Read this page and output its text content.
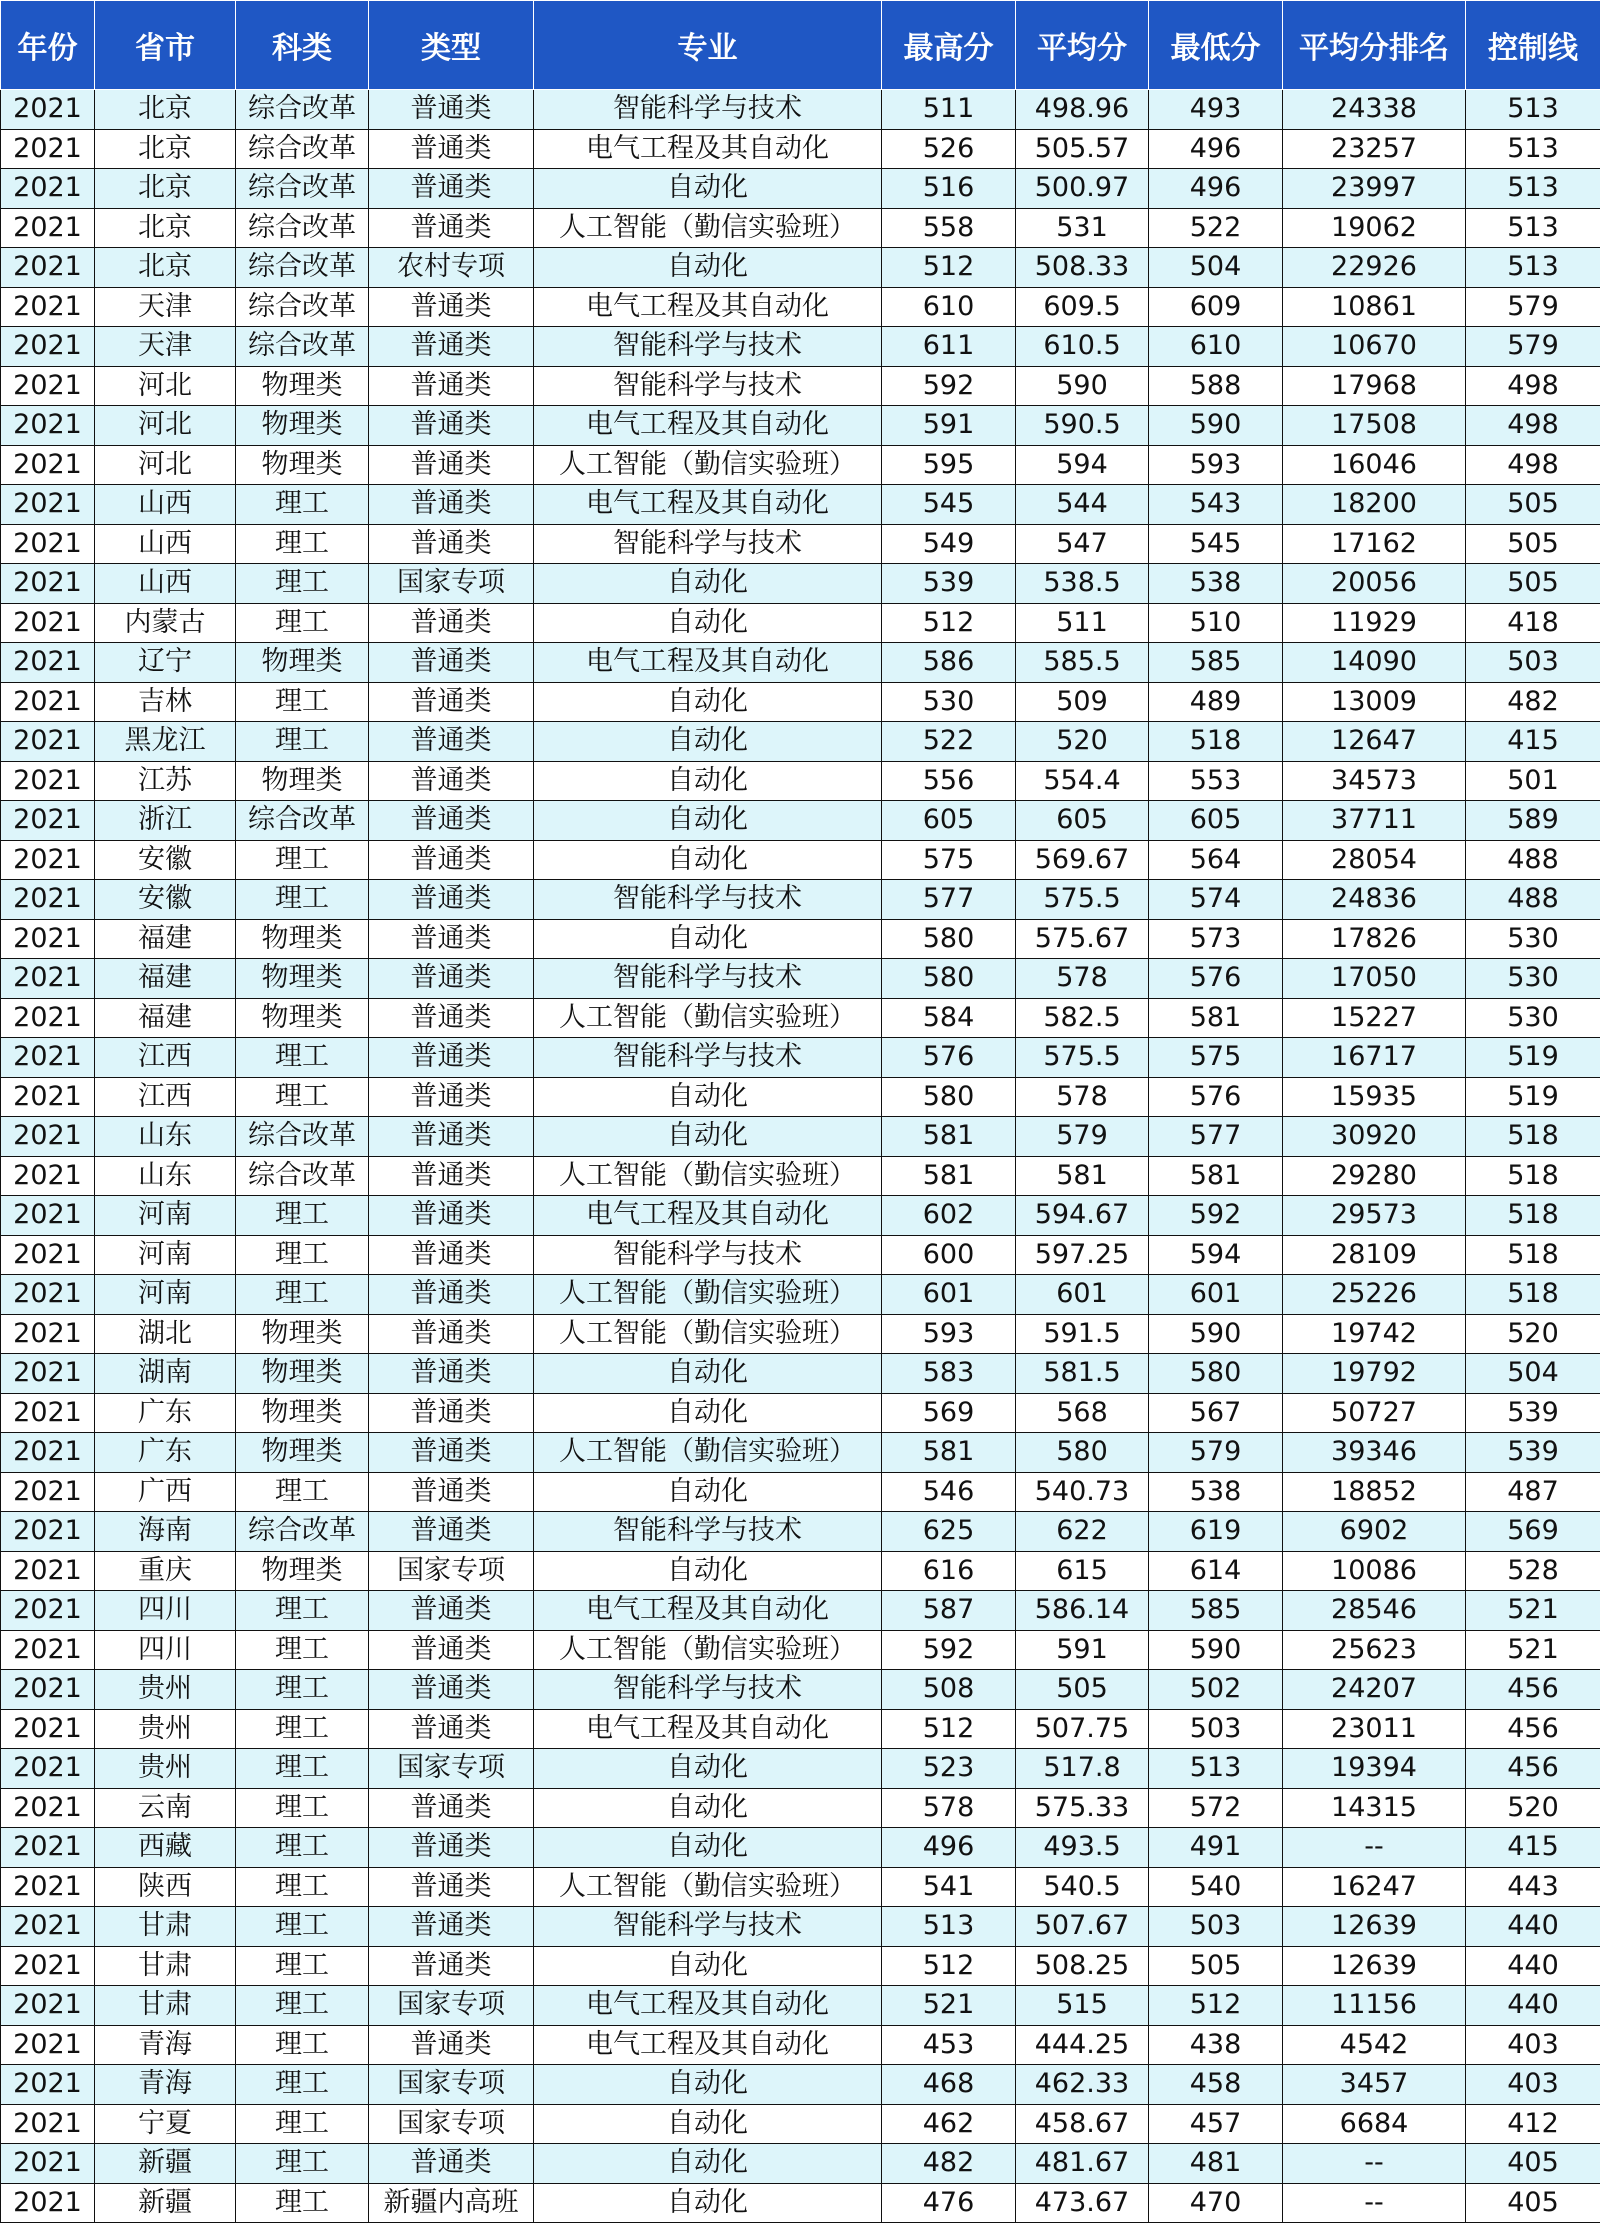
年份	省市	科类	类型	专业	最高分	平均分	最低分	平均分排名	控制线
2021	北京	综合改革	普通类	智能科学与技术	511	498.96	493	24338	513
2021	北京	综合改革	普通类	电气工程及其自动化	526	505.57	496	23257	513
2021	北京	综合改革	普通类	自动化	516	500.97	496	23997	513
2021	北京	综合改革	普通类	人工智能（勤信实验班）	558	531	522	19062	513
2021	北京	综合改革	农村专项	自动化	512	508.33	504	22926	513
2021	天津	综合改革	普通类	电气工程及其自动化	610	609.5	609	10861	579
2021	天津	综合改革	普通类	智能科学与技术	611	610.5	610	10670	579
2021	河北	物理类	普通类	智能科学与技术	592	590	588	17968	498
2021	河北	物理类	普通类	电气工程及其自动化	591	590.5	590	17508	498
2021	河北	物理类	普通类	人工智能（勤信实验班）	595	594	593	16046	498
2021	山西	理工	普通类	电气工程及其自动化	545	544	543	18200	505
2021	山西	理工	普通类	智能科学与技术	549	547	545	17162	505
2021	山西	理工	国家专项	自动化	539	538.5	538	20056	505
2021	内蒙古	理工	普通类	自动化	512	511	510	11929	418
2021	辽宁	物理类	普通类	电气工程及其自动化	586	585.5	585	14090	503
2021	吉林	理工	普通类	自动化	530	509	489	13009	482
2021	黑龙江	理工	普通类	自动化	522	520	518	12647	415
2021	江苏	物理类	普通类	自动化	556	554.4	553	34573	501
2021	浙江	综合改革	普通类	自动化	605	605	605	37711	589
2021	安徽	理工	普通类	自动化	575	569.67	564	28054	488
2021	安徽	理工	普通类	智能科学与技术	577	575.5	574	24836	488
2021	福建	物理类	普通类	自动化	580	575.67	573	17826	530
2021	福建	物理类	普通类	智能科学与技术	580	578	576	17050	530
2021	福建	物理类	普通类	人工智能（勤信实验班）	584	582.5	581	15227	530
2021	江西	理工	普通类	智能科学与技术	576	575.5	575	16717	519
2021	江西	理工	普通类	自动化	580	578	576	15935	519
2021	山东	综合改革	普通类	自动化	581	579	577	30920	518
2021	山东	综合改革	普通类	人工智能（勤信实验班）	581	581	581	29280	518
2021	河南	理工	普通类	电气工程及其自动化	602	594.67	592	29573	518
2021	河南	理工	普通类	智能科学与技术	600	597.25	594	28109	518
2021	河南	理工	普通类	人工智能（勤信实验班）	601	601	601	25226	518
2021	湖北	物理类	普通类	人工智能（勤信实验班）	593	591.5	590	19742	520
2021	湖南	物理类	普通类	自动化	583	581.5	580	19792	504
2021	广东	物理类	普通类	自动化	569	568	567	50727	539
2021	广东	物理类	普通类	人工智能（勤信实验班）	581	580	579	39346	539
2021	广西	理工	普通类	自动化	546	540.73	538	18852	487
2021	海南	综合改革	普通类	智能科学与技术	625	622	619	6902	569
2021	重庆	物理类	国家专项	自动化	616	615	614	10086	528
2021	四川	理工	普通类	电气工程及其自动化	587	586.14	585	28546	521
2021	四川	理工	普通类	人工智能（勤信实验班）	592	591	590	25623	521
2021	贵州	理工	普通类	智能科学与技术	508	505	502	24207	456
2021	贵州	理工	普通类	电气工程及其自动化	512	507.75	503	23011	456
2021	贵州	理工	国家专项	自动化	523	517.8	513	19394	456
2021	云南	理工	普通类	自动化	578	575.33	572	14315	520
2021	西藏	理工	普通类	自动化	496	493.5	491	--	415
2021	陕西	理工	普通类	人工智能（勤信实验班）	541	540.5	540	16247	443
2021	甘肃	理工	普通类	智能科学与技术	513	507.67	503	12639	440
2021	甘肃	理工	普通类	自动化	512	508.25	505	12639	440
2021	甘肃	理工	国家专项	电气工程及其自动化	521	515	512	11156	440
2021	青海	理工	普通类	电气工程及其自动化	453	444.25	438	4542	403
2021	青海	理工	国家专项	自动化	468	462.33	458	3457	403
2021	宁夏	理工	国家专项	自动化	462	458.67	457	6684	412
2021	新疆	理工	普通类	自动化	482	481.67	481	--	405
2021	新疆	理工	新疆内高班	自动化	476	473.67	470	--	405
